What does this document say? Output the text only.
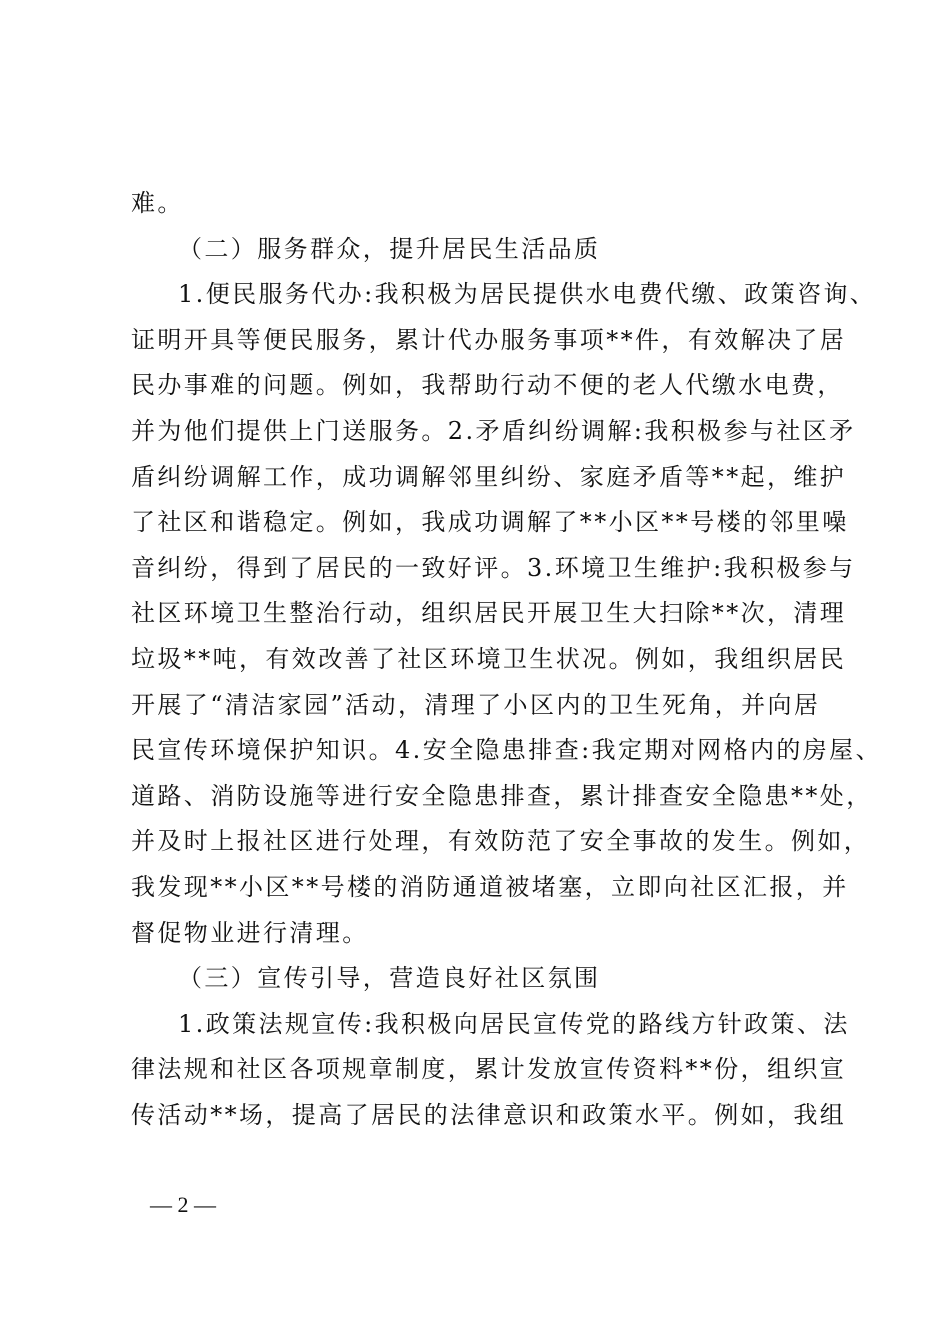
难。
（二）服务群众，提升居民生活品质
1.便民服务代办:我积极为居民提供水电费代缴、政策咨询、
证明开具等便民服务，累计代办服务事项**件，有效解决了居
民办事难的问题。例如，我帮助行动不便的老人代缴水电费，
并为他们提供上门送服务。2.矛盾纠纷调解:我积极参与社区矛
盾纠纷调解工作，成功调解邻里纠纷、家庭矛盾等**起，维护
了社区和谐稳定。例如，我成功调解了**小区**号楼的邻里噪
音纠纷，得到了居民的一致好评。3.环境卫生维护:我积极参与
社区环境卫生整治行动，组织居民开展卫生大扫除**次，清理
垃圾**吨，有效改善了社区环境卫生状况。例如，我组织居民
开展了“清洁家园”活动，清理了小区内的卫生死角，并向居
民宣传环境保护知识。4.安全隐患排查:我定期对网格内的房屋、
道路、消防设施等进行安全隐患排查，累计排查安全隐患**处，
并及时上报社区进行处理，有效防范了安全事故的发生。例如，
我发现**小区**号楼的消防通道被堵塞，立即向社区汇报，并
督促物业进行清理。
（三）宣传引导，营造良好社区氛围
1.政策法规宣传:我积极向居民宣传党的路线方针政策、法
律法规和社区各项规章制度，累计发放宣传资料**份，组织宣
传活动**场，提高了居民的法律意识和政策水平。例如，我组
— 2 —
